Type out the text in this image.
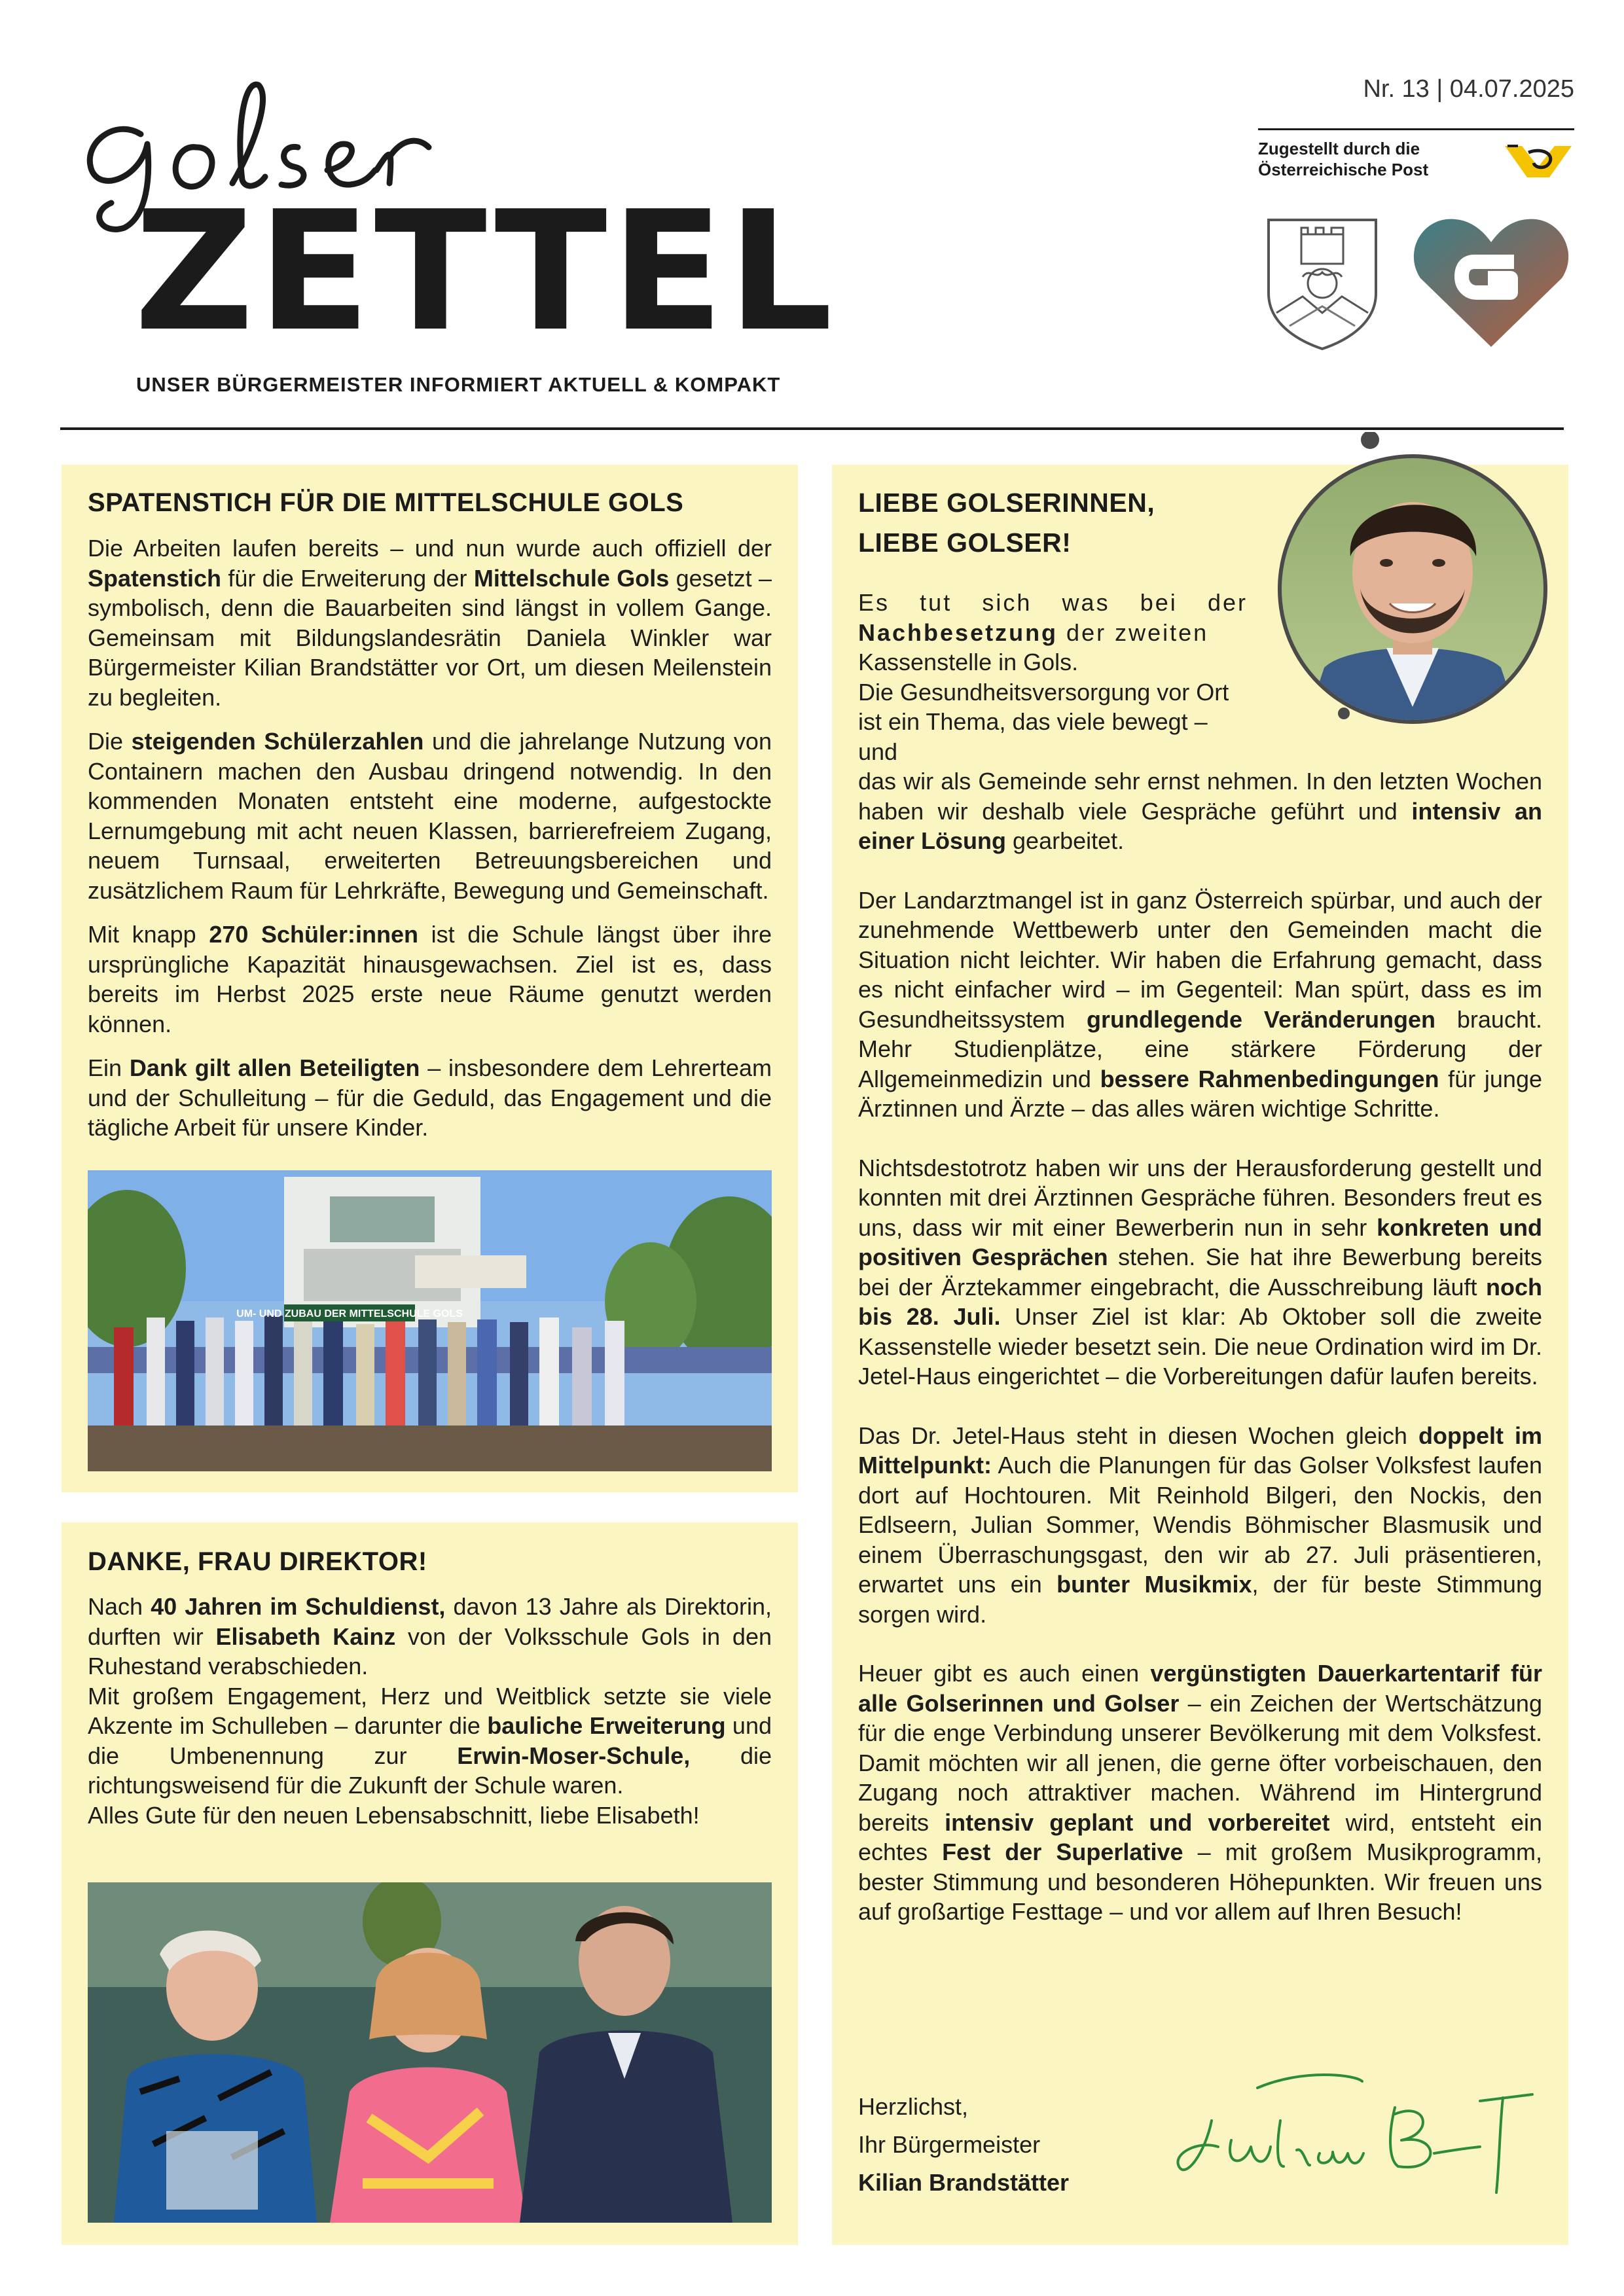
ZETTEL
UNSER BÜRGERMEISTER INFORMIERT AKTUELL & KOMPAKT
Nr. 13 | 04.07.2025
Zugestellt durch die
Österreichische Post
SPATENSTICH FÜR DIE MITTELSCHULE GOLS

Die Arbeiten laufen bereits – und nun wurde auch offiziell der Spatenstich für die Erweiterung der Mittelschule Gols gesetzt – symbolisch, denn die Bauarbeiten sind längst in vollem Gange. Gemeinsam mit Bildungslandesrätin Daniela Winkler war Bürgermeister Kilian Brandstätter vor Ort, um diesen Meilenstein zu begleiten.

Die steigenden Schülerzahlen und die jahrelange Nutzung von Containern machen den Ausbau dringend notwendig. In den kommenden Monaten entsteht eine moderne, aufgestockte Lernumgebung mit acht neuen Klassen, barrierefreiem Zugang, neuem Turnsaal, erweiterten Betreuungsbereichen und zusätzlichem Raum für Lehrkräfte, Bewegung und Gemeinschaft.

Mit knapp 270 Schüler:innen ist die Schule längst über ihre ursprüngliche Kapazität hinausgewachsen. Ziel ist es, dass bereits im Herbst 2025 erste neue Räume genutzt werden können.

Ein Dank gilt allen Beteiligten – insbesondere dem Lehrerteam und der Schulleitung – für die Geduld, das Engagement und die tägliche Arbeit für unsere Kinder.

UM- UND ZUBAU DER MITTELSCHULE GOLS
DANKE, FRAU DIREKTOR!

Nach 40 Jahren im Schuldienst, davon 13 Jahre als Direktorin, durften wir Elisabeth Kainz von der Volksschule Gols in den Ruhestand verabschieden.

Mit großem Engagement, Herz und Weitblick setzte sie viele Akzente im Schulleben – darunter die bauliche Erweiterung und die Umbenennung zur Erwin-Moser-Schule, die richtungsweisend für die Zukunft der Schule waren.

Alles Gute für den neuen Lebensabschnitt, liebe Elisabeth!

LIEBE GOLSERINNEN,
LIEBE GOLSER!

Es tut sich was bei der Nachbesetzung der zweiten

Kassenstelle in Gols.
Die Gesundheitsversorgung vor Ort
ist ein Thema, das viele bewegt – und

das wir als Gemeinde sehr ernst nehmen. In den letzten Wochen haben wir deshalb viele Gespräche geführt und intensiv an einer Lösung gearbeitet.

Der Landarztmangel ist in ganz Österreich spürbar, und auch der zunehmende Wettbewerb unter den Gemeinden macht die Situation nicht leichter. Wir haben die Erfahrung gemacht, dass es nicht einfacher wird – im Gegenteil: Man spürt, dass es im Gesundheitssystem grundlegende Veränderungen braucht. Mehr Studienplätze, eine stärkere Förderung der Allgemeinmedizin und bessere Rahmenbedingungen für junge Ärztinnen und Ärzte – das alles wären wichtige Schritte.

Nichtsdestotrotz haben wir uns der Herausforderung gestellt und konnten mit drei Ärztinnen Gespräche führen. Besonders freut es uns, dass wir mit einer Bewerberin nun in sehr konkreten und positiven Gesprächen stehen. Sie hat ihre Bewerbung bereits bei der Ärztekammer eingebracht, die Ausschreibung läuft noch bis 28. Juli. Unser Ziel ist klar: Ab Oktober soll die zweite Kassenstelle wieder besetzt sein. Die neue Ordination wird im Dr. Jetel-Haus eingerichtet – die Vorbereitungen dafür laufen bereits.

Das Dr. Jetel-Haus steht in diesen Wochen gleich doppelt im Mittelpunkt: Auch die Planungen für das Golser Volksfest laufen dort auf Hochtouren. Mit Reinhold Bilgeri, den Nockis, den Edlseern, Julian Sommer, Wendis Böhmischer Blasmusik und einem Überraschungsgast, den wir ab 27. Juli präsentieren, erwartet uns ein bunter Musikmix, der für beste Stimmung sorgen wird.

Heuer gibt es auch einen vergünstigten Dauerkartentarif für alle Golserinnen und Golser – ein Zeichen der Wertschätzung für die enge Verbindung unserer Bevölkerung mit dem Volksfest. Damit möchten wir all jenen, die gerne öfter vorbeischauen, den Zugang noch attraktiver machen. Während im Hintergrund bereits intensiv geplant und vorbereitet wird, entsteht ein echtes Fest der Superlative – mit großem Musikprogramm, bester Stimmung und besonderen Höhepunkten. Wir freuen uns auf großartige Festtage – und vor allem auf Ihren Besuch!

Herzlichst,
Ihr Bürgermeister
Kilian Brandstätter
